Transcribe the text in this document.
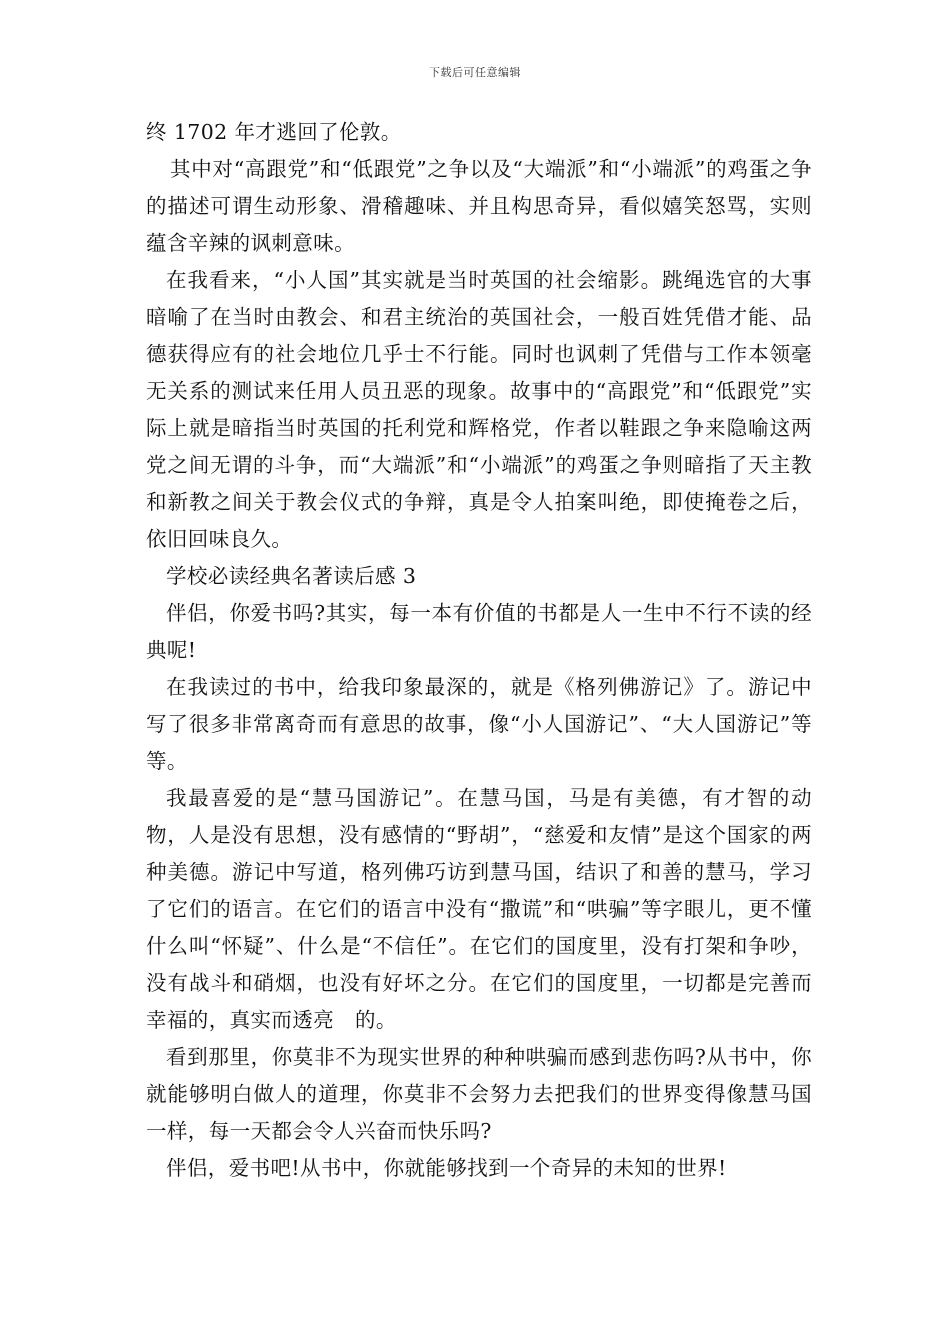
下载后可任意编辑

终 1702 年才逃回了伦敦。

其中对“高跟党”和“低跟党”之争以及“大端派”和“小端派”的鸡蛋之争的描述可谓生动形象、滑稽趣味、并且构思奇异，看似嬉笑怒骂，实则蕴含辛辣的讽刺意味。

在我看来，“小人国”其实就是当时英国的社会缩影。跳绳选官的大事暗喻了在当时由教会、和君主统治的英国社会，一般百姓凭借才能、品德获得应有的社会地位几乎士不行能。同时也讽刺了凭借与工作本领毫无关系的测试来任用人员丑恶的现象。故事中的“高跟党”和“低跟党”实际上就是暗指当时英国的托利党和辉格党，作者以鞋跟之争来隐喻这两党之间无谓的斗争，而“大端派”和“小端派”的鸡蛋之争则暗指了天主教和新教之间关于教会仪式的争辩，真是令人拍案叫绝，即使掩卷之后，依旧回味良久。

学校必读经典名著读后感 3

伴侣，你爱书吗?其实，每一本有价值的书都是人一生中不行不读的经典呢!

在我读过的书中，给我印象最深的，就是《格列佛游记》了。游记中写了很多非常离奇而有意思的故事，像“小人国游记”、“大人国游记”等等。

我最喜爱的是“慧马国游记”。在慧马国，马是有美德，有才智的动物，人是没有思想，没有感情的“野胡”，“慈爱和友情”是这个国家的两种美德。游记中写道，格列佛巧访到慧马国，结识了和善的慧马，学习了它们的语言。在它们的语言中没有“撒谎”和“哄骗”等字眼儿，更不懂什么叫“怀疑”、什么是“不信任”。在它们的国度里，没有打架和争吵，没有战斗和硝烟，也没有好坏之分。在它们的国度里，一切都是完善而幸福的，真实而透亮　的。

看到那里，你莫非不为现实世界的种种哄骗而感到悲伤吗?从书中，你就能够明白做人的道理，你莫非不会努力去把我们的世界变得像慧马国一样，每一天都会令人兴奋而快乐吗?

伴侣，爱书吧!从书中，你就能够找到一个奇异的未知的世界!
